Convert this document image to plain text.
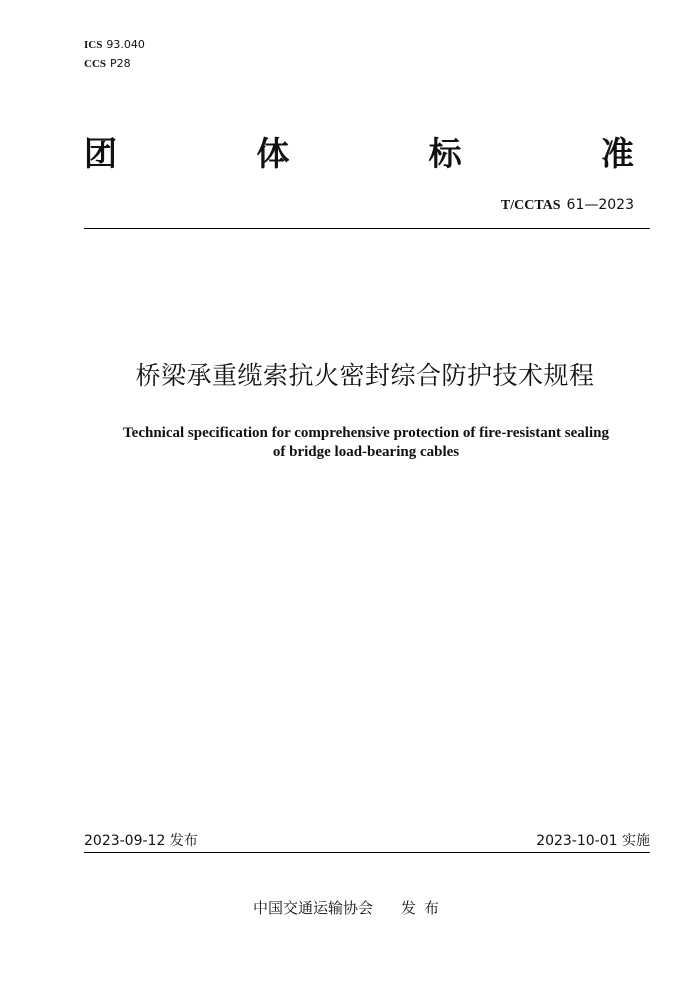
ICS 93.040
CCS P28
团	体	标	准
T/CCTAS 61—2023
桥梁承重缆索抗火密封综合防护技术规程
Technical specification for comprehensive protection of fire-resistant sealing
of bridge load-bearing cables
2023-09-12 发布	2023-10-01 实施
中国交通运输协会 发布
